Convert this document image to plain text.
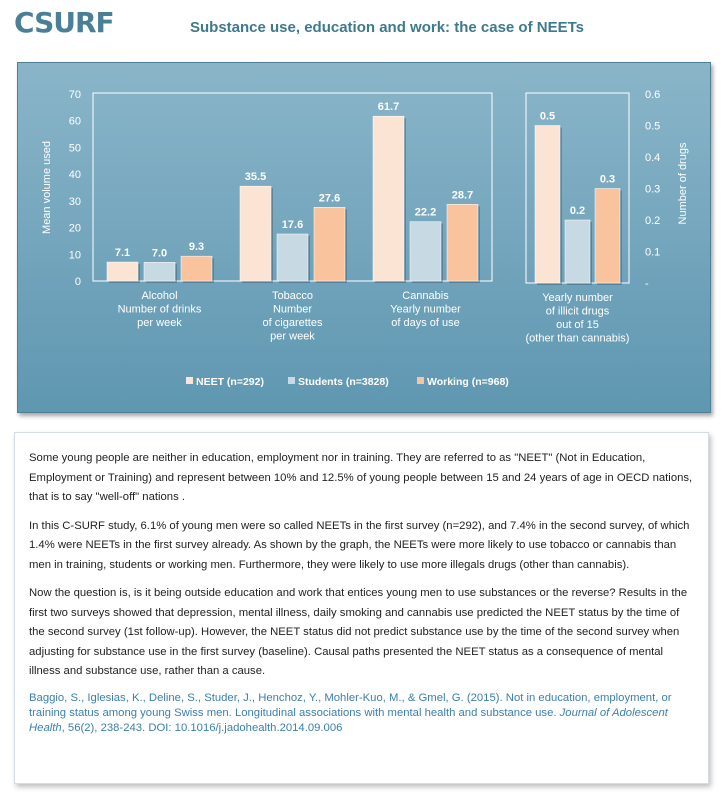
CSURF	Substance use, education and work: the case of NEETs
0
10
20
30
40
50
60
70
Mean volume used
7.1 7.0
9.3
Alcohol
Number of drinks
per week
35.5
17.6
27.6
Tobacco
Number
of cigarettes
per week
61.7
22.2
28.7
Cannabis
Yearly number
of days of use
-
0.1
0.2
0.3
0.4
0.5
0.6
Number of drugs
0.5
0.2
0.3
Yearly number
of illicit drugs
out of 15
(other than cannabis)
NEET (n=292)	Students (n=3828)	Working (n=968)

Some young people are neither in education, employment nor in training. They are referred to as "NEET" (Not in Education, Employment or Training) and represent between 10% and 12.5% of young people between 15 and 24 years of age in OECD nations, that is to say "well-off" nations .

In this C-SURF study, 6.1% of young men were so called NEETs in the first survey (n=292), and 7.4% in the second survey, of which 1.4% were NEETs in the first survey already. As shown by the graph, the NEETs were more likely to use tobacco or cannabis than men in training, students or working men. Furthermore, they were likely to use more illegals drugs (other than cannabis).

Now the question is, is it being outside education and work that entices young men to use substances or the reverse? Results in the first two surveys showed that depression, mental illness, daily smoking and cannabis use predicted the NEET status by the time of the second survey (1st follow-up). However, the NEET status did not predict substance use by the time of the second survey when adjusting for substance use in the first survey (baseline). Causal paths presented the NEET status as a consequence of mental illness and substance use, rather than a cause.

Baggio, S., Iglesias, K., Deline, S., Studer, J., Henchoz, Y., Mohler-Kuo, M., & Gmel, G. (2015). Not in education, employment, or training status among young Swiss men. Longitudinal associations with mental health and substance use. Journal of Adolescent Health, 56(2), 238-243. DOI: 10.1016/j.jadohealth.2014.09.006
